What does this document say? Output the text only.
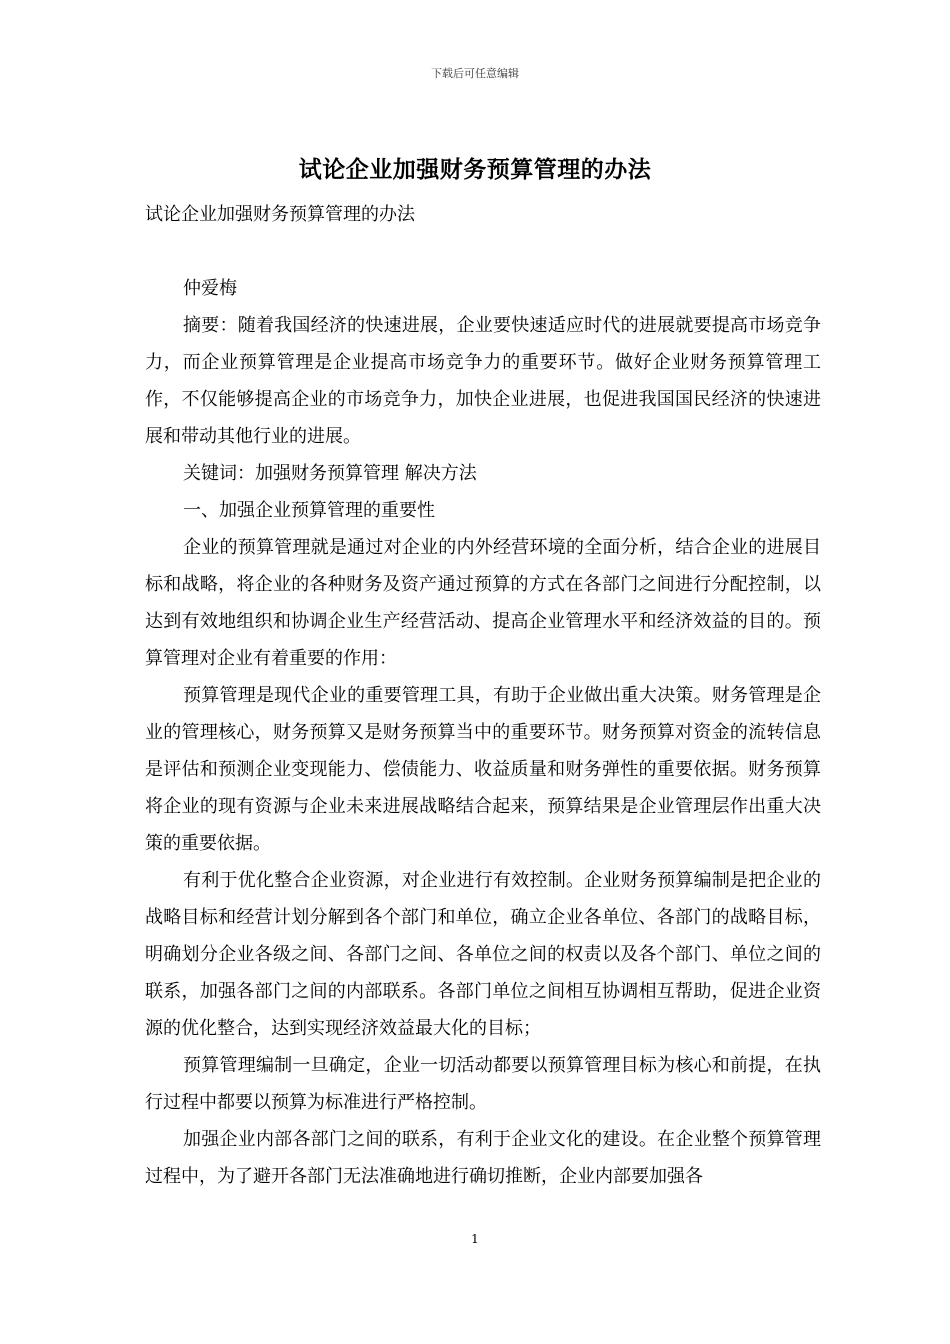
下载后可任意编辑
试论企业加强财务预算管理的办法

试论企业加强财务预算管理的办法

仲爱梅

摘要：随着我国经济的快速进展，企业要快速适应时代的进展就要提高市场竞争力，而企业预算管理是企业提高市场竞争力的重要环节。做好企业财务预算管理工作，不仅能够提高企业的市场竞争力，加快企业进展，也促进我国国民经济的快速进展和带动其他行业的进展。

关键词：加强财务预算管理 解决方法

一、加强企业预算管理的重要性

企业的预算管理就是通过对企业的内外经营环境的全面分析，结合企业的进展目标和战略，将企业的各种财务及资产通过预算的方式在各部门之间进行分配控制，以达到有效地组织和协调企业生产经营活动、提高企业管理水平和经济效益的目的。预算管理对企业有着重要的作用：

预算管理是现代企业的重要管理工具，有助于企业做出重大决策。财务管理是企业的管理核心，财务预算又是财务预算当中的重要环节。财务预算对资金的流转信息是评估和预测企业变现能力、偿债能力、收益质量和财务弹性的重要依据。财务预算将企业的现有资源与企业未来进展战略结合起来，预算结果是企业管理层作出重大决策的重要依据。

有利于优化整合企业资源，对企业进行有效控制。企业财务预算编制是把企业的战略目标和经营计划分解到各个部门和单位，确立企业各单位、各部门的战略目标，明确划分企业各级之间、各部门之间、各单位之间的权责以及各个部门、单位之间的联系，加强各部门之间的内部联系。各部门单位之间相互协调相互帮助，促进企业资源的优化整合，达到实现经济效益最大化的目标；

预算管理编制一旦确定，企业一切活动都要以预算管理目标为核心和前提，在执行过程中都要以预算为标准进行严格控制。

加强企业内部各部门之间的联系，有利于企业文化的建设。在企业整个预算管理过程中，为了避开各部门无法准确地进行确切推断，企业内部要加强各

1
